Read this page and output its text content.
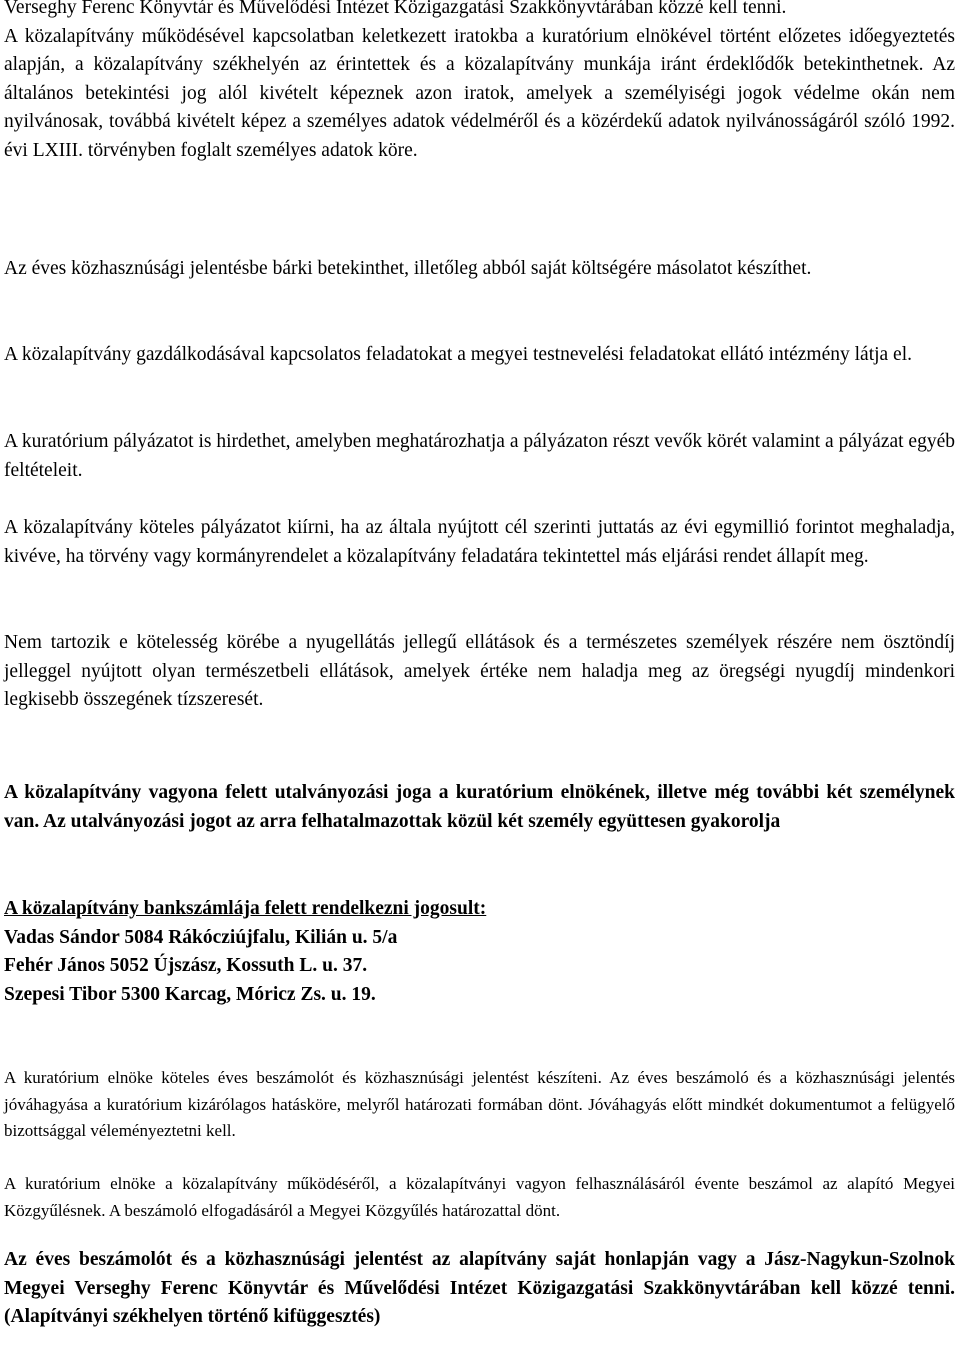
Verseghy Ferenc Könyvtár és Művelődési Intézet Közigazgatási Szakkönyvtárában közzé kell tenni.
A közalapítvány működésével kapcsolatban keletkezett iratokba a kuratórium elnökével történt előzetes időegyeztetés alapján, a közalapítvány székhelyén az érintettek és a közalapítvány munkája iránt érdeklődők betekinthetnek. Az általános betekintési jog alól kivételt képeznek azon iratok, amelyek a személyiségi jogok védelme okán nem nyilvánosak, továbbá kivételt képez a személyes adatok védelméről és a közérdekű adatok nyilvánosságáról szóló 1992. évi LXIII. törvényben foglalt személyes adatok köre.

Az éves közhasznúsági jelentésbe bárki betekinthet, illetőleg abból saját költségére másolatot készíthet.

A közalapítvány gazdálkodásával kapcsolatos feladatokat a megyei testnevelési feladatokat ellátó intézmény látja el.

A kuratórium pályázatot is hirdethet, amelyben meghatározhatja a pályázaton részt vevők körét valamint a pályázat egyéb feltételeit.

A közalapítvány köteles pályázatot kiírni, ha az általa nyújtott cél szerinti juttatás az évi egymillió forintot meghaladja, kivéve, ha törvény vagy kormányrendelet a közalapítvány feladatára tekintettel más eljárási rendet állapít meg.

Nem tartozik e kötelesség körébe a nyugellátás jellegű ellátások és a természetes személyek részére nem ösztöndíj jelleggel nyújtott olyan természetbeli ellátások, amelyek értéke nem haladja meg az öregségi nyugdíj mindenkori legkisebb összegének tízszeresét.

A közalapítvány vagyona felett utalványozási joga a kuratórium elnökének, illetve még további két személynek van. Az utalványozási jogot az arra felhatalmazottak közül két személy együttesen gyakorolja

A közalapítvány bankszámlája felett rendelkezni jogosult:
Vadas Sándor 5084 Rákócziújfalu, Kilián u. 5/a
Fehér János 5052 Újszász, Kossuth L. u. 37.
Szepesi Tibor 5300 Karcag, Móricz Zs. u. 19.

A kuratórium elnöke köteles éves beszámolót és közhasznúsági jelentést készíteni. Az éves beszámoló és a közhasznúsági jelentés jóváhagyása a kuratórium kizárólagos hatásköre, melyről határozati formában dönt. Jóváhagyás előtt mindkét dokumentumot a felügyelő bizottsággal véleményeztetni kell.

A kuratórium elnöke a közalapítvány működéséről, a közalapítványi vagyon felhasználásáról évente beszámol az alapító Megyei Közgyűlésnek. A beszámoló elfogadásáról a Megyei Közgyűlés határozattal dönt.

Az éves beszámolót és a közhasznúsági jelentést az alapítvány saját honlapján vagy a Jász-Nagykun-Szolnok Megyei Verseghy Ferenc Könyvtár és Művelődési Intézet Közigazgatási Szakkönyvtárában kell közzé tenni. (Alapítványi székhelyen történő kifüggesztés)
